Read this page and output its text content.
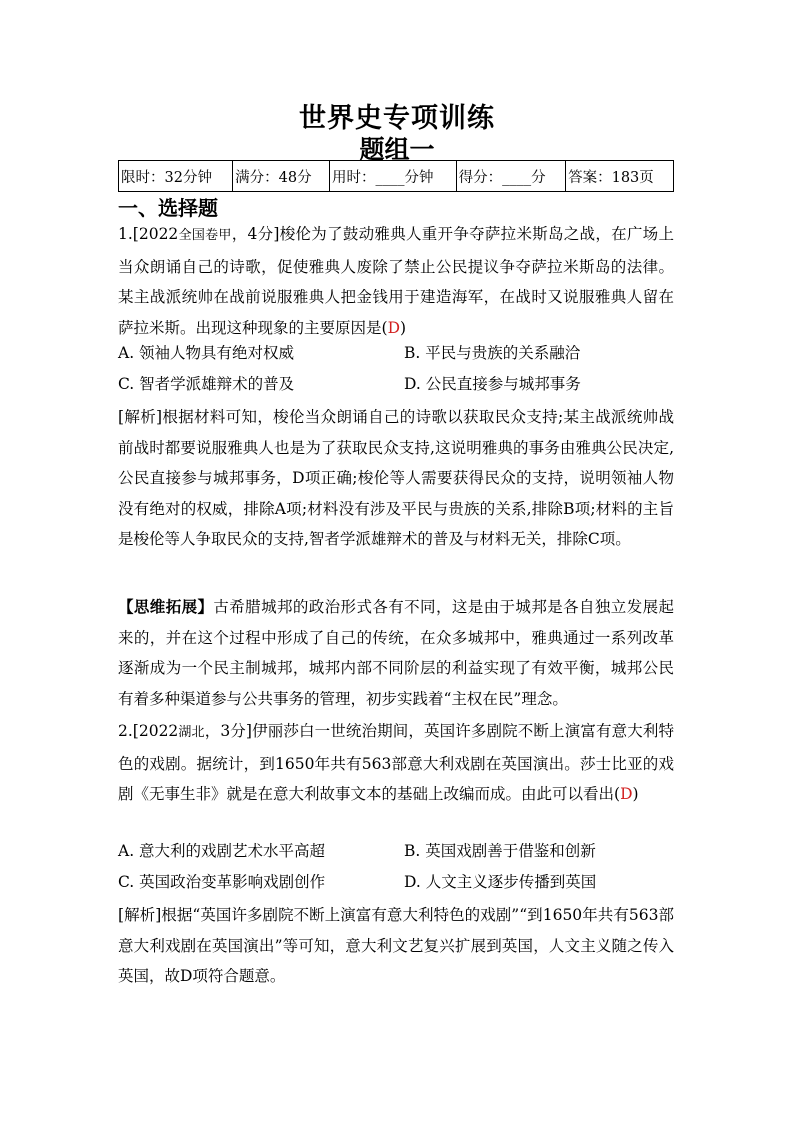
世界史专项训练
题组一
限时：32分钟	满分：48分	用时：____分钟	得分：____分	答案：183页
一、选择题
1.[2022全国卷甲，4分]梭伦为了鼓动雅典人重开争夺萨拉米斯岛之战，在广场上当众朗诵自己的诗歌，促使雅典人废除了禁止公民提议争夺萨拉米斯岛的法律。某主战派统帅在战前说服雅典人把金钱用于建造海军，在战时又说服雅典人留在萨拉米斯。出现这种现象的主要原因是(D)
A. 领袖人物具有绝对权威	B. 平民与贵族的关系融洽
C. 智者学派雄辩术的普及	D. 公民直接参与城邦事务
[解析]根据材料可知，梭伦当众朗诵自己的诗歌以获取民众支持;某主战派统帅战前战时都要说服雅典人也是为了获取民众支持,这说明雅典的事务由雅典公民决定,公民直接参与城邦事务，D项正确;梭伦等人需要获得民众的支持，说明领袖人物没有绝对的权威，排除A项;材料没有涉及平民与贵族的关系,排除B项;材料的主旨是梭伦等人争取民众的支持,智者学派雄辩术的普及与材料无关，排除C项。
【思维拓展】古希腊城邦的政治形式各有不同，这是由于城邦是各自独立发展起来的，并在这个过程中形成了自己的传统，在众多城邦中，雅典通过一系列改革逐渐成为一个民主制城邦，城邦内部不同阶层的利益实现了有效平衡，城邦公民有着多种渠道参与公共事务的管理，初步实践着“主权在民”理念。
2.[2022湖北，3分]伊丽莎白一世统治期间，英国许多剧院不断上演富有意大利特色的戏剧。据统计，到1650年共有563部意大利戏剧在英国演出。莎士比亚的戏剧《无事生非》就是在意大利故事文本的基础上改编而成。由此可以看出(D)
A. 意大利的戏剧艺术水平高超	B. 英国戏剧善于借鉴和创新
C. 英国政治变革影响戏剧创作	D. 人文主义逐步传播到英国
[解析]根据“英国许多剧院不断上演富有意大利特色的戏剧”“到1650年共有563部意大利戏剧在英国演出”等可知，意大利文艺复兴扩展到英国，人文主义随之传入英国，故D项符合题意。
